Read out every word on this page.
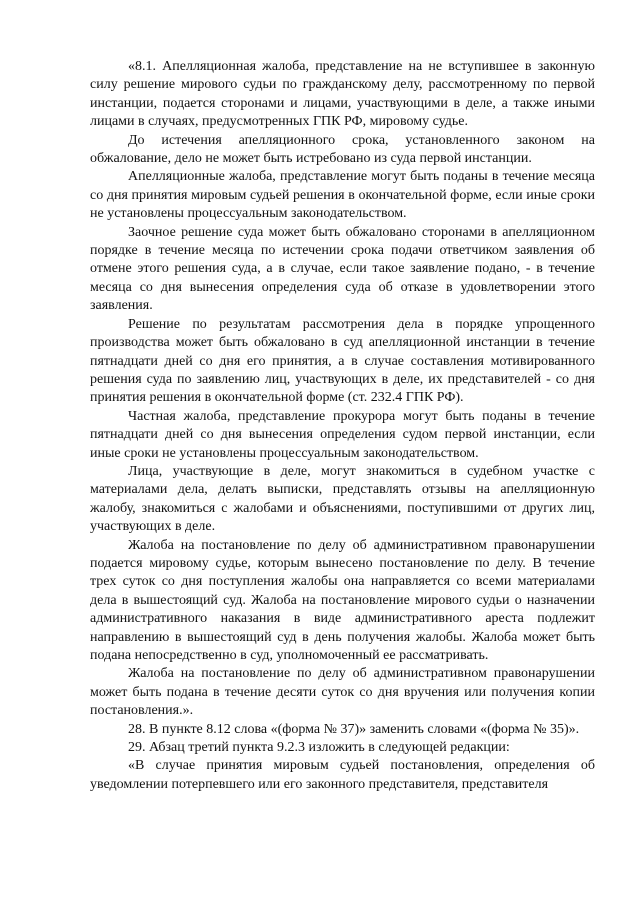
«8.1. Апелляционная жалоба, представление на не вступившее в законную силу решение мирового судьи по гражданскому делу, рассмотренному по первой инстанции, подается сторонами и лицами, участвующими в деле, а также иными лицами в случаях, предусмотренных ГПК РФ, мировому судье.

До истечения апелляционного срока, установленного законом на обжалование, дело не может быть истребовано из суда первой инстанции.

Апелляционные жалоба, представление могут быть поданы в течение месяца со дня принятия мировым судьей решения в окончательной форме, если иные сроки не установлены процессуальным законодательством.

Заочное решение суда может быть обжаловано сторонами в апелляционном порядке в течение месяца по истечении срока подачи ответчиком заявления об отмене этого решения суда, а в случае, если такое заявление подано, - в течение месяца со дня вынесения определения суда об отказе в удовлетворении этого заявления.

Решение по результатам рассмотрения дела в порядке упрощенного производства может быть обжаловано в суд апелляционной инстанции в течение пятнадцати дней со дня его принятия, а в случае составления мотивированного решения суда по заявлению лиц, участвующих в деле, их представителей - со дня принятия решения в окончательной форме (ст. 232.4 ГПК РФ).

Частная жалоба, представление прокурора могут быть поданы в течение пятнадцати дней со дня вынесения определения судом первой инстанции, если иные сроки не установлены процессуальным законодательством.

Лица, участвующие в деле, могут знакомиться в судебном участке с материалами дела, делать выписки, представлять отзывы на апелляционную жалобу, знакомиться с жалобами и объяснениями, поступившими от других лиц, участвующих в деле.

Жалоба на постановление по делу об административном правонарушении подается мировому судье, которым вынесено постановление по делу. В течение трех суток со дня поступления жалобы она направляется со всеми материалами дела в вышестоящий суд. Жалоба на постановление мирового судьи о назначении административного наказания в виде административного ареста подлежит направлению в вышестоящий суд в день получения жалобы. Жалоба может быть подана непосредственно в суд, уполномоченный ее рассматривать.

Жалоба на постановление по делу об административном правонарушении может быть подана в течение десяти суток со дня вручения или получения копии постановления.».

28. В пункте 8.12 слова «(форма № 37)» заменить словами «(форма № 35)».

29. Абзац третий пункта 9.2.3 изложить в следующей редакции:

«В случае принятия мировым судьей постановления, определения об уведомлении потерпевшего или его законного представителя, представителя
